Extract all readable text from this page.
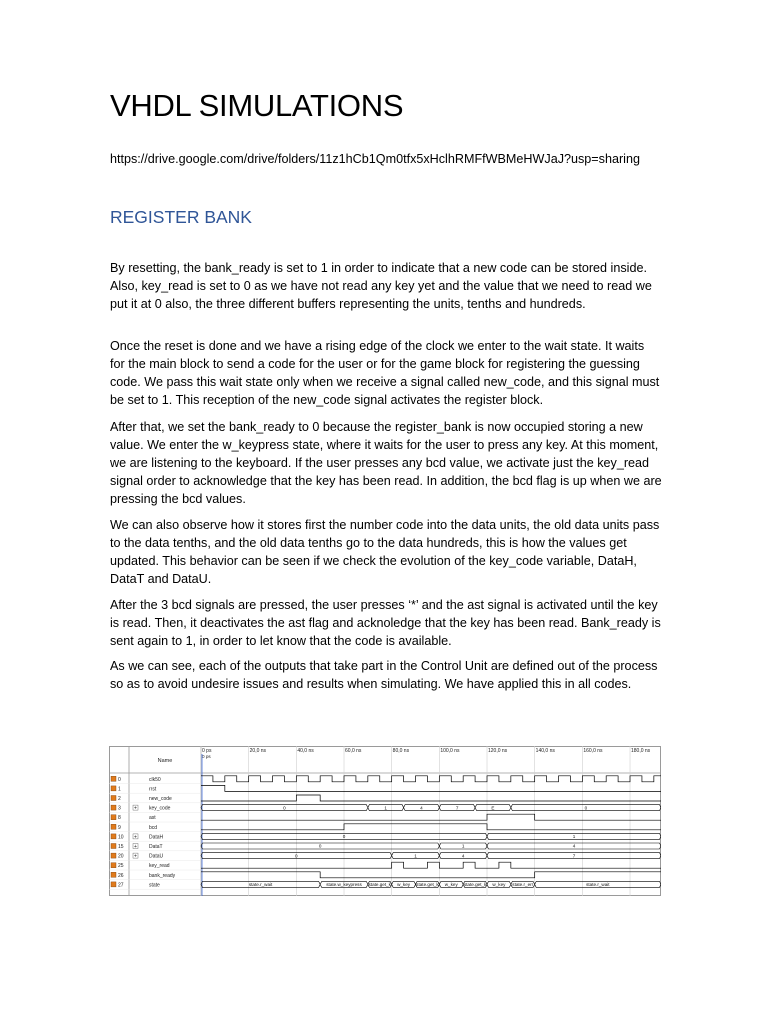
VHDL SIMULATIONS
https://drive.google.com/drive/folders/11z1hCb1Qm0tfx5xHclhRMFfWBMeHWJaJ?usp=sharing
REGISTER BANK

By resetting, the bank_ready is set to 1 in order to indicate that a new code can be stored inside. Also, key_read is set to 0 as we have not read any key yet and the value that we need to read we put it at 0 also, the three different buffers representing the units, tenths and hundreds.

Once the reset is done and we have a rising edge of the clock we enter to the wait state. It waits for the main block to send a code for the user or for the game block for registering the guessing code. We pass this wait state only when we receive a signal called new_code, and this signal must be set to 1. This reception of the new_code signal activates the register block.

After that, we set the bank_ready to 0 because the register_bank is now occupied storing a new value. We enter the w_keypress state, where it waits for the user to press any key. At this moment, we are listening to the keyboard. If the user presses any bcd value, we activate just the key_read signal order to acknowledge that the key has been read. In addition, the bcd flag is up when we are pressing the bcd values.

We can also observe how it stores first the number code into the data units, the old data units pass to the data tenths, and the old data tenths go to the data hundreds, this is how the values get updated. This behavior can be seen if we check the evolution of the key_code variable, DataH, DataT and DataU.

After the 3 bcd signals are pressed, the user presses ‘*’ and the ast signal is activated until the key is read. Then, it deactivates the ast flag and acknoledge that the key has been read. Bank_ready is sent again to 1, in order to let know that the code is available.

As we can see, each of the outputs that take part in the Control Unit are defined out of the process so as to avoid undesire issues and results when simulating. We have applied this in all codes.

Name
0 ps	20,0 ns	40,0 ns	60,0 ns	80,0 ns	100,0 ns	120,0 ns	140,0 ns	160,0 ns	180,0 ns
0 ps
0	clk50
1	rrst
2	new_code
3	+ key_code
8	ast
9	bcd
10 + DataH
15 + DataT
20 + DataU
25	key_read
26	bank_ready
27	state
0	1	4	7	E	0
0	1
0	1	4
0	1	4	7
state.r_wait	state.w_keypress state.get_k w_key state.get_k w_key state.get_k w_key state.r_err	state.r_wait
